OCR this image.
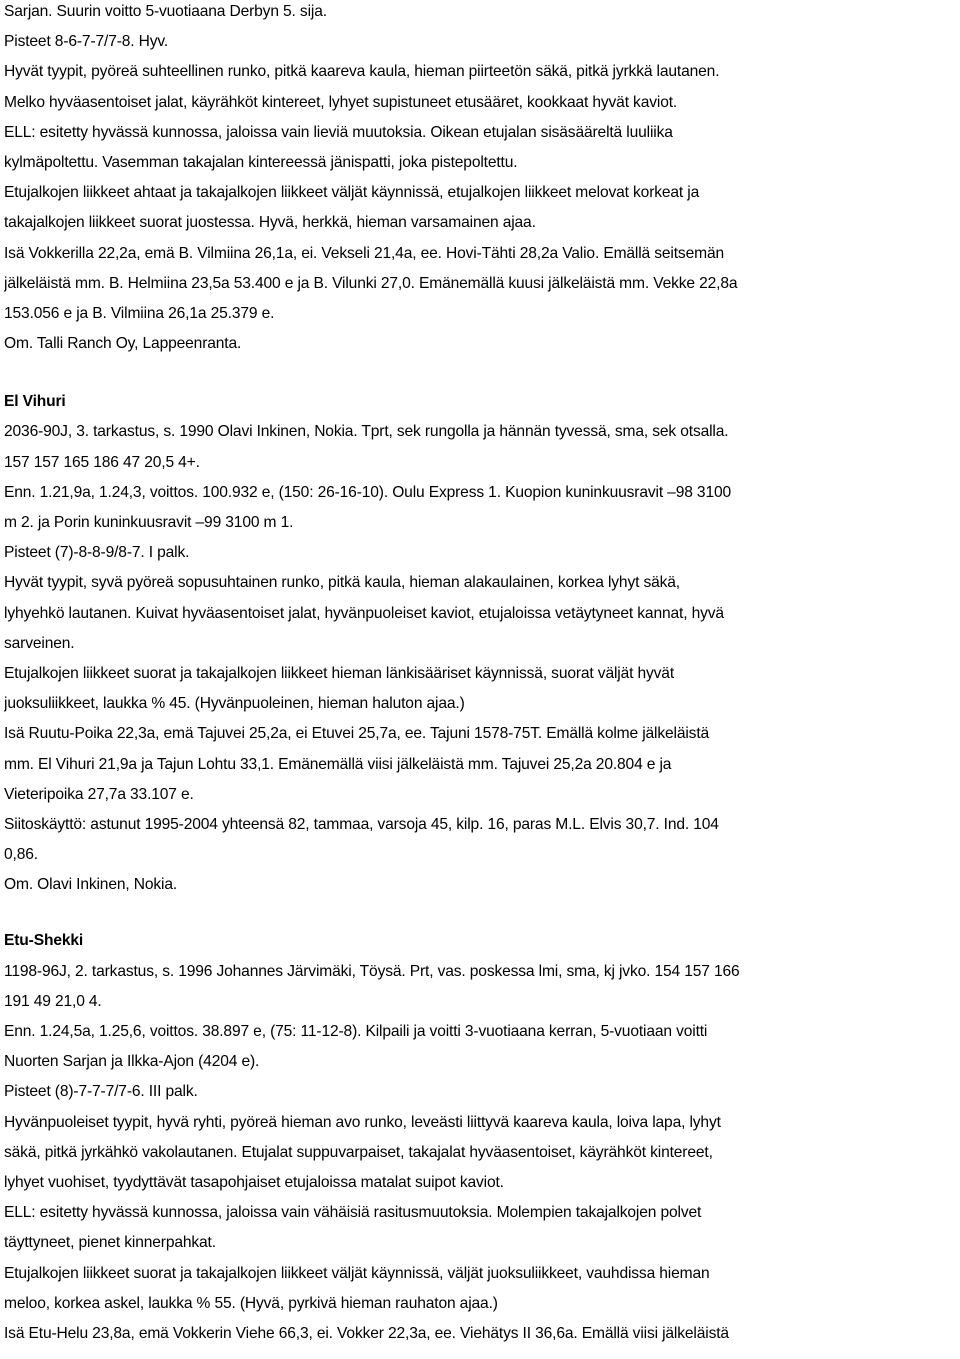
Sarjan. Suurin voitto 5-vuotiaana Derbyn 5. sija.
Pisteet 8-6-7-7/7-8. Hyv.
Hyvät tyypit, pyöreä suhteellinen runko, pitkä kaareva kaula, hieman piirteetön säkä, pitkä jyrkkä lautanen.
Melko hyväasentoiset jalat, käyrähköt kintereet, lyhyet supistuneet etusääret, kookkaat hyvät kaviot.
ELL: esitetty hyvässä kunnossa, jaloissa vain lieviä muutoksia. Oikean etujalan sisäsääreltä luuliika
kylmäpoltettu. Vasemman takajalan kintereessä jänispatti, joka pistepoltettu.
Etujalkojen liikkeet ahtaat ja takajalkojen liikkeet väljät käynnissä, etujalkojen liikkeet melovat korkeat ja
takajalkojen liikkeet suorat juostessa. Hyvä, herkkä, hieman varsamainen ajaa.
Isä Vokkerilla 22,2a, emä B. Vilmiina 26,1a, ei. Vekseli 21,4a, ee. Hovi-Tähti 28,2a Valio. Emällä seitsemän
jälkeläistä mm. B. Helmiina 23,5a 53.400 e ja B. Vilunki 27,0. Emänemällä kuusi jälkeläistä mm. Vekke 22,8a
153.056 e ja B. Vilmiina 26,1a 25.379 e.
Om. Talli Ranch Oy, Lappeenranta.
El Vihuri
2036-90J, 3. tarkastus, s. 1990 Olavi Inkinen, Nokia. Tprt, sek rungolla ja hännän tyvessä, sma, sek otsalla.
157 157 165 186 47 20,5 4+.
Enn. 1.21,9a, 1.24,3, voittos. 100.932 e, (150: 26-16-10). Oulu Express 1. Kuopion kuninkuusravit –98 3100
m 2. ja Porin kuninkuusravit –99 3100 m 1.
Pisteet (7)-8-8-9/8-7. I palk.
Hyvät tyypit, syvä pyöreä sopusuhtainen runko, pitkä kaula, hieman alakaulainen, korkea lyhyt säkä,
lyhyehkö lautanen. Kuivat hyväasentoiset jalat, hyvänpuoleiset kaviot, etujaloissa vetäytyneet kannat, hyvä
sarveinen.
Etujalkojen liikkeet suorat ja takajalkojen liikkeet hieman länkisääriset käynnissä, suorat väljät hyvät
juoksuliikkeet, laukka % 45. (Hyvänpuoleinen, hieman haluton ajaa.)
Isä Ruutu-Poika 22,3a, emä Tajuvei 25,2a, ei Etuvei 25,7a, ee. Tajuni 1578-75T. Emällä kolme jälkeläistä
mm. El Vihuri 21,9a ja Tajun Lohtu 33,1. Emänemällä viisi jälkeläistä mm. Tajuvei 25,2a 20.804 e ja
Vieteripoika 27,7a 33.107 e.
Siitoskäyttö: astunut 1995-2004 yhteensä 82, tammaa, varsoja 45, kilp. 16, paras M.L. Elvis 30,7. Ind. 104
0,86.
Om. Olavi Inkinen, Nokia.
Etu-Shekki
1198-96J, 2. tarkastus, s. 1996 Johannes Järvimäki, Töysä. Prt, vas. poskessa lmi, sma, kj jvko. 154 157 166
191 49 21,0 4.
Enn. 1.24,5a, 1.25,6, voittos. 38.897 e, (75: 11-12-8). Kilpaili ja voitti 3-vuotiaana kerran, 5-vuotiaan voitti
Nuorten Sarjan ja Ilkka-Ajon (4204 e).
Pisteet (8)-7-7-7/7-6. III palk.
Hyvänpuoleiset tyypit, hyvä ryhti, pyöreä hieman avo runko, leveästi liittyvä kaareva kaula, loiva lapa, lyhyt
säkä, pitkä jyrkähkö vakolautanen. Etujalat suppuvarpaiset, takajalat hyväasentoiset, käyrähköt kintereet,
lyhyet vuohiset, tyydyttävät tasapohjaiset etujaloissa matalat suipot kaviot.
ELL: esitetty hyvässä kunnossa, jaloissa vain vähäisiä rasitusmuutoksia. Molempien takajalkojen polvet
täyttyneet, pienet kinnerpahkat.
Etujalkojen liikkeet suorat ja takajalkojen liikkeet väljät käynnissä, väljät juoksuliikkeet, vauhdissa hieman
meloo, korkea askel, laukka % 55. (Hyvä, pyrkivä hieman rauhaton ajaa.)
Isä Etu-Helu 23,8a, emä Vokkerin Viehe 66,3, ei. Vokker 22,3a, ee. Viehätys II 36,6a. Emällä viisi jälkeläistä
